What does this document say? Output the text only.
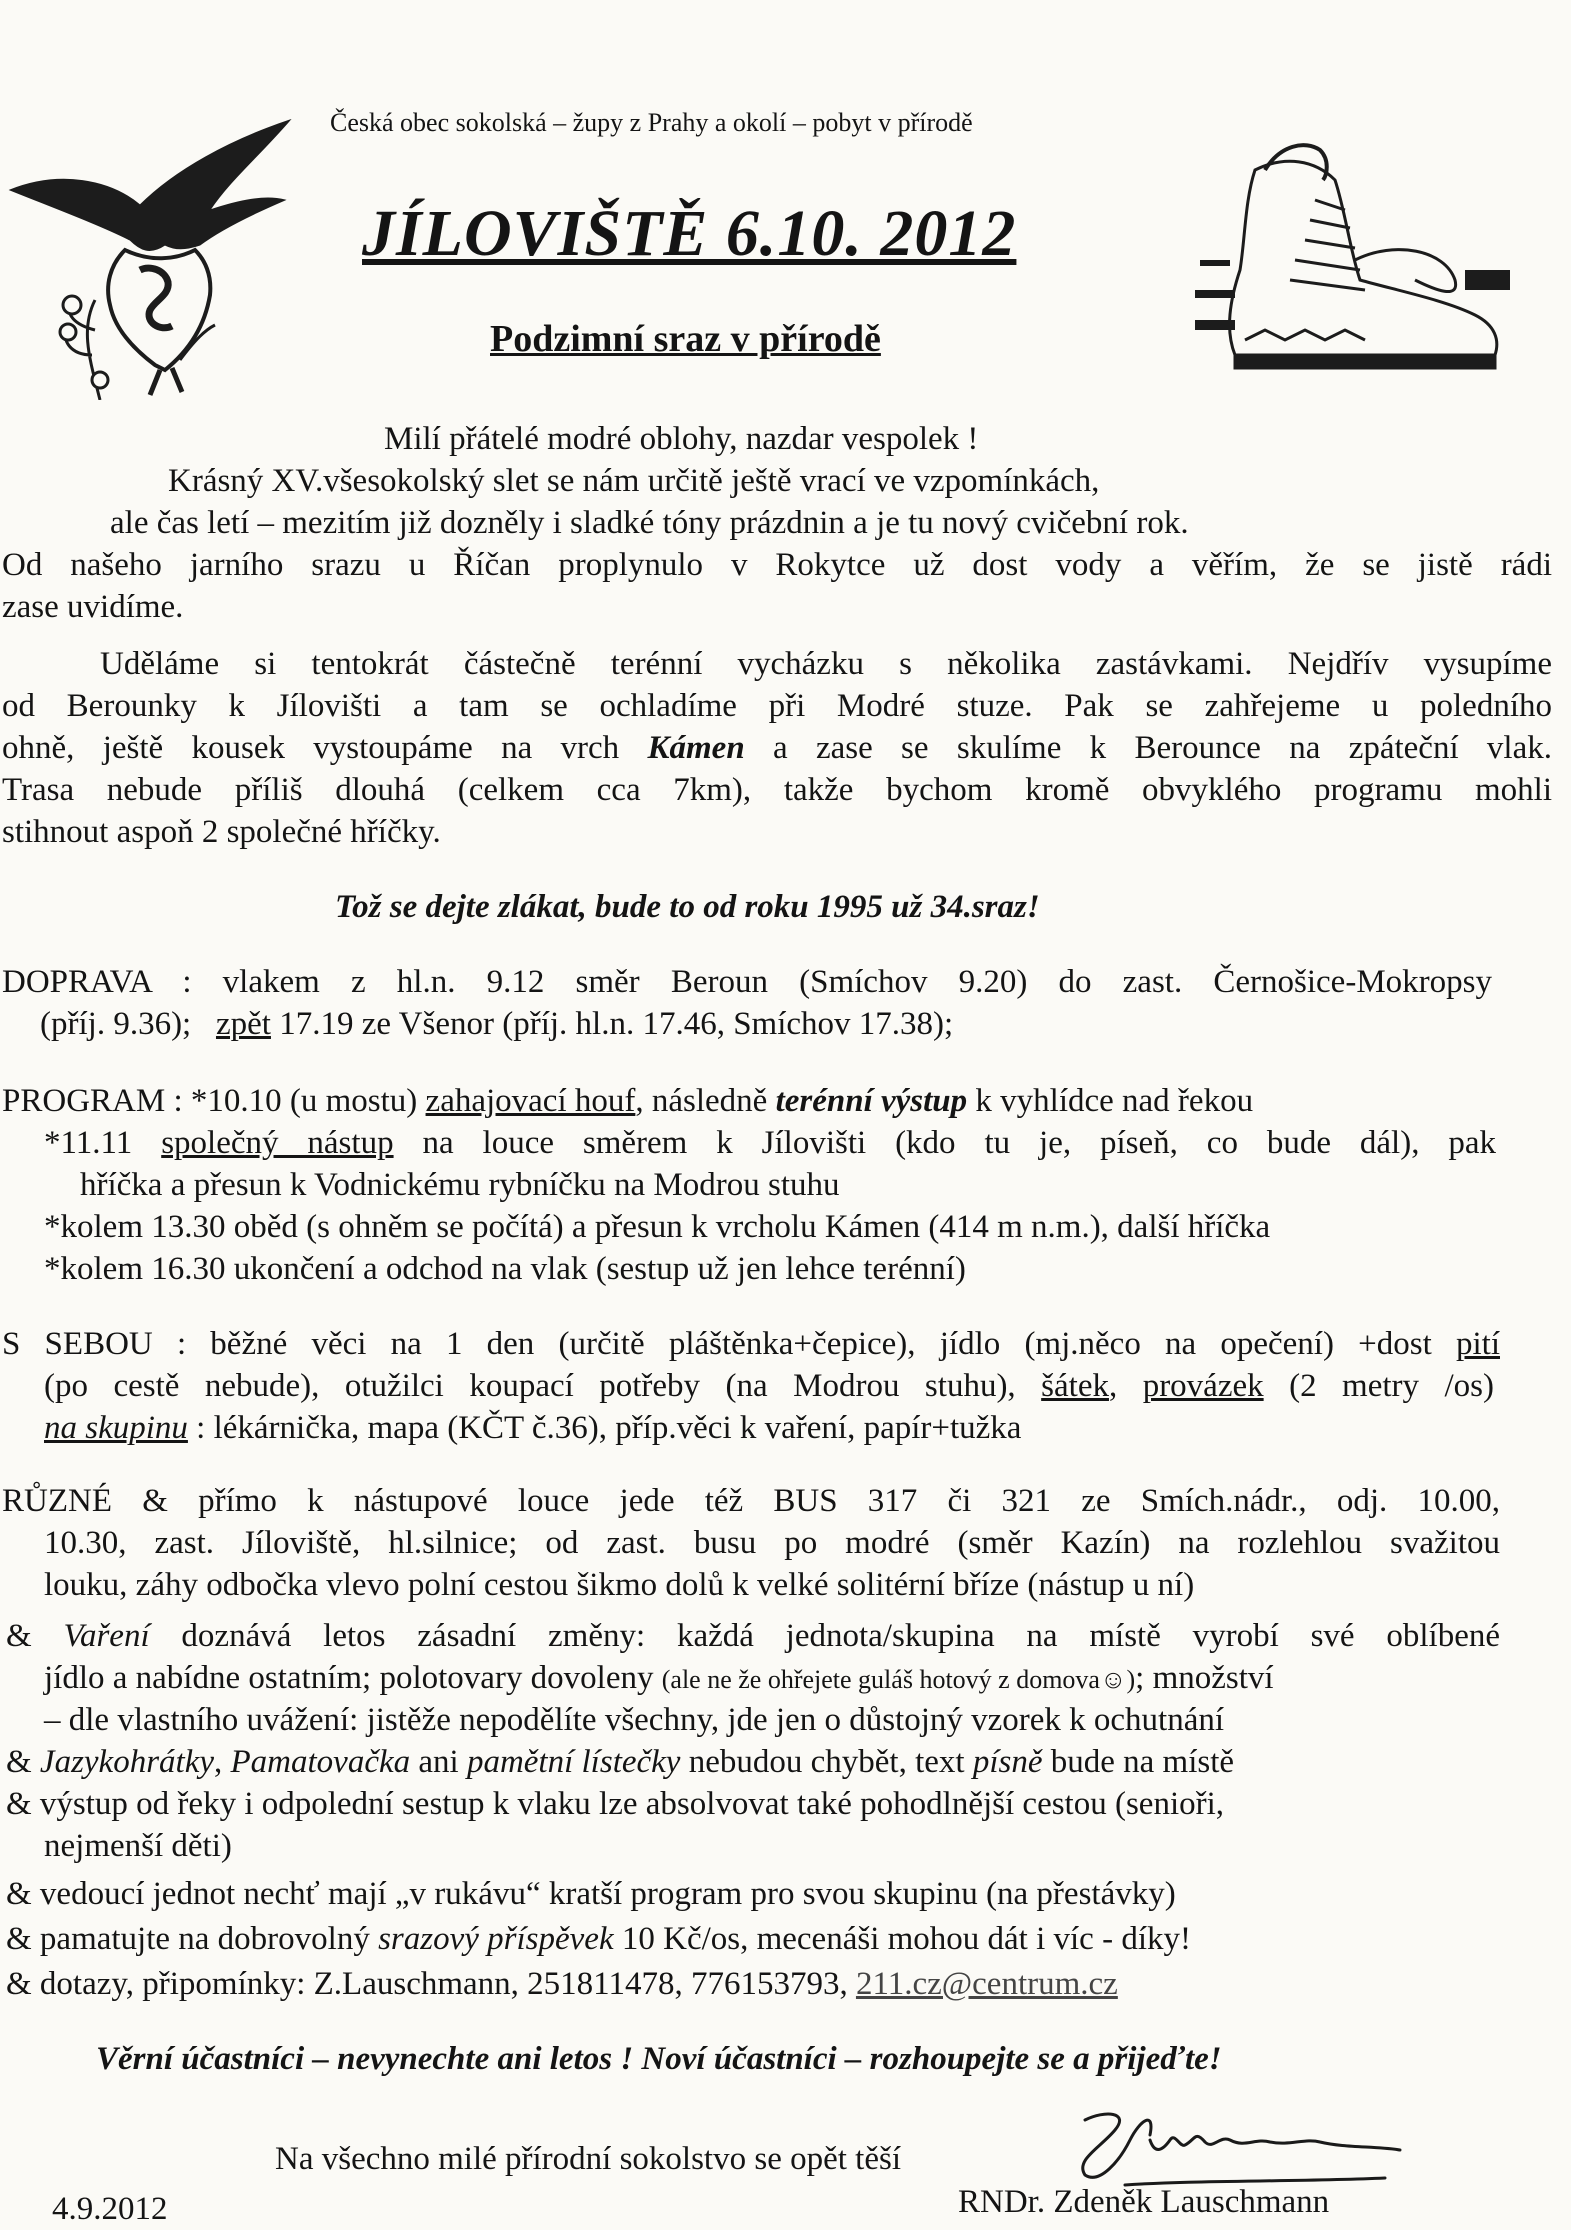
Česká obec sokolská – župy z Prahy a okolí – pobyt v přírodě
JÍLOVIŠTĚ 6.10. 2012
Podzimní sraz v přírodě
Milí přátelé modré oblohy, nazdar vespolek !
Krásný XV.všesokolský slet se nám určitě ještě vrací ve vzpomínkách,
ale čas letí – mezitím již dozněly i sladké tóny prázdnin a je tu nový cvičební rok.
Od našeho jarního srazu u Říčan proplynulo v Rokytce už dost vody a věřím, že se jistě rádi
zase uvidíme.
Uděláme si tentokrát částečně terénní vycházku s několika zastávkami. Nejdřív vysupíme
od Berounky k Jílovišti a tam se ochladíme při Modré stuze. Pak se zahřejeme u poledního
ohně, ještě kousek vystoupáme na vrch Kámen a zase se skulíme k Berounce na zpáteční vlak.
Trasa nebude příliš dlouhá (celkem cca 7km), takže bychom kromě obvyklého programu mohli
stihnout aspoň 2 společné hříčky.
Tož se dejte zlákat, bude to od roku 1995 už 34.sraz!
DOPRAVA : vlakem z hl.n. 9.12 směr Beroun (Smíchov 9.20) do zast. Černošice-Mokropsy
(příj. 9.36); zpět 17.19 ze Všenor (příj. hl.n. 17.46, Smíchov 17.38);
PROGRAM : *10.10 (u mostu) zahajovací houf, následně terénní výstup k vyhlídce nad řekou
*11.11 společný nástup na louce směrem k Jílovišti (kdo tu je, píseň, co bude dál), pak
hříčka a přesun k Vodnickému rybníčku na Modrou stuhu
*kolem 13.30 oběd (s ohněm se počítá) a přesun k vrcholu Kámen (414 m n.m.), další hříčka
*kolem 16.30 ukončení a odchod na vlak (sestup už jen lehce terénní)
S SEBOU : běžné věci na 1 den (určitě pláštěnka+čepice), jídlo (mj.něco na opečení) +dost pití
(po cestě nebude), otužilci koupací potřeby (na Modrou stuhu), šátek, provázek (2 metry /os)
na skupinu : lékárnička, mapa (KČT č.36), příp.věci k vaření, papír+tužka
RŮZNÉ & přímo k nástupové louce jede též BUS 317 či 321 ze Smích.nádr., odj. 10.00,
10.30, zast. Jíloviště, hl.silnice; od zast. busu po modré (směr Kazín) na rozlehlou svažitou
louku, záhy odbočka vlevo polní cestou šikmo dolů k velké solitérní bříze (nástup u ní)
& Vaření doznává letos zásadní změny: každá jednota/skupina na místě vyrobí své oblíbené
jídlo a nabídne ostatním; polotovary dovoleny (ale ne že ohřejete guláš hotový z domova☺); množství
– dle vlastního uvážení: jistěže nepodělíte všechny, jde jen o důstojný vzorek k ochutnání
& Jazykohrátky, Pamatovačka ani pamětní lístečky nebudou chybět, text písně bude na místě
& výstup od řeky i odpolední sestup k vlaku lze absolvovat také pohodlnější cestou (senioři,
nejmenší děti)
& vedoucí jednot nechť mají „v rukávu“ kratší program pro svou skupinu (na přestávky)
& pamatujte na dobrovolný srazový příspěvek 10 Kč/os, mecenáši mohou dát i víc - díky!
& dotazy, připomínky: Z.Lauschmann, 251811478, 776153793, 211.cz@centrum.cz
Věrní účastníci – nevynechte ani letos ! Noví účastníci – rozhoupejte se a přijeďte!
Na všechno milé přírodní sokolstvo se opět těší
RNDr. Zdeněk Lauschmann
4.9.2012
